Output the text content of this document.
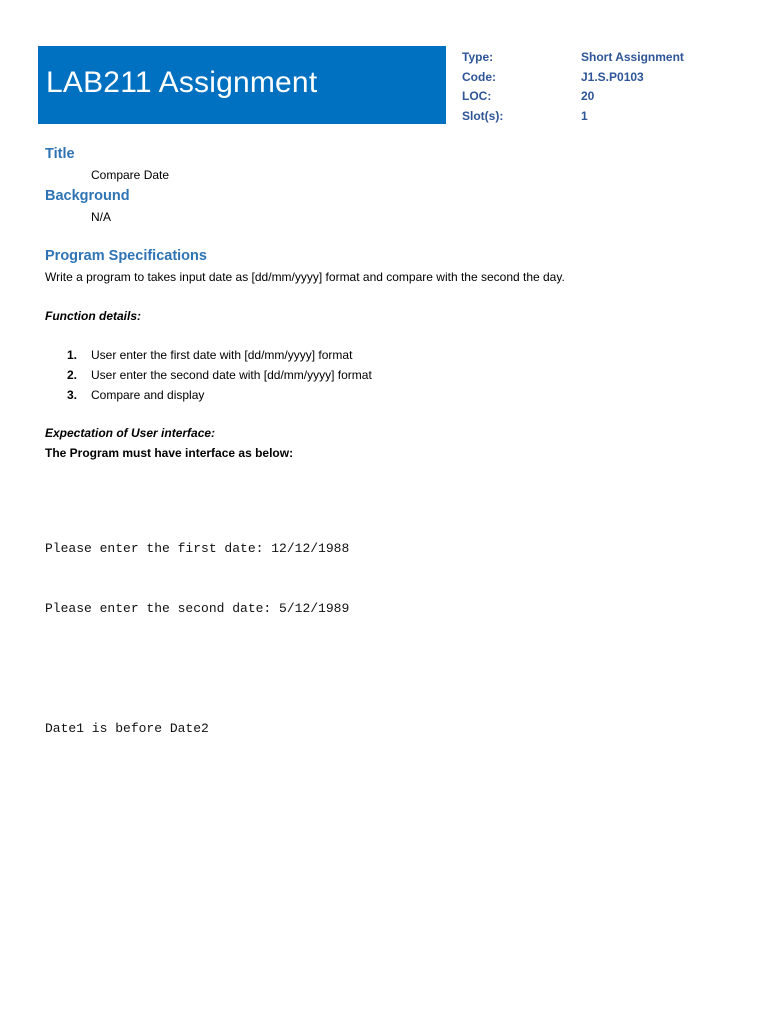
LAB211 Assignment
Type:	Short Assignment
Code:	J1.S.P0103
LOC:	20
Slot(s):	1
Title
Compare Date
Background
N/A
Program Specifications
Write a program to takes input date as [dd/mm/yyyy] format and compare with the second the day.
Function details:
1.	User enter the first date with [dd/mm/yyyy] format
2.	User enter the second date with [dd/mm/yyyy] format
3.	Compare and display
Expectation of User interface:
The Program must have interface as below:

Please enter the first date: 12/12/1988

Please enter the second date: 5/12/1989

Date1 is before Date2
